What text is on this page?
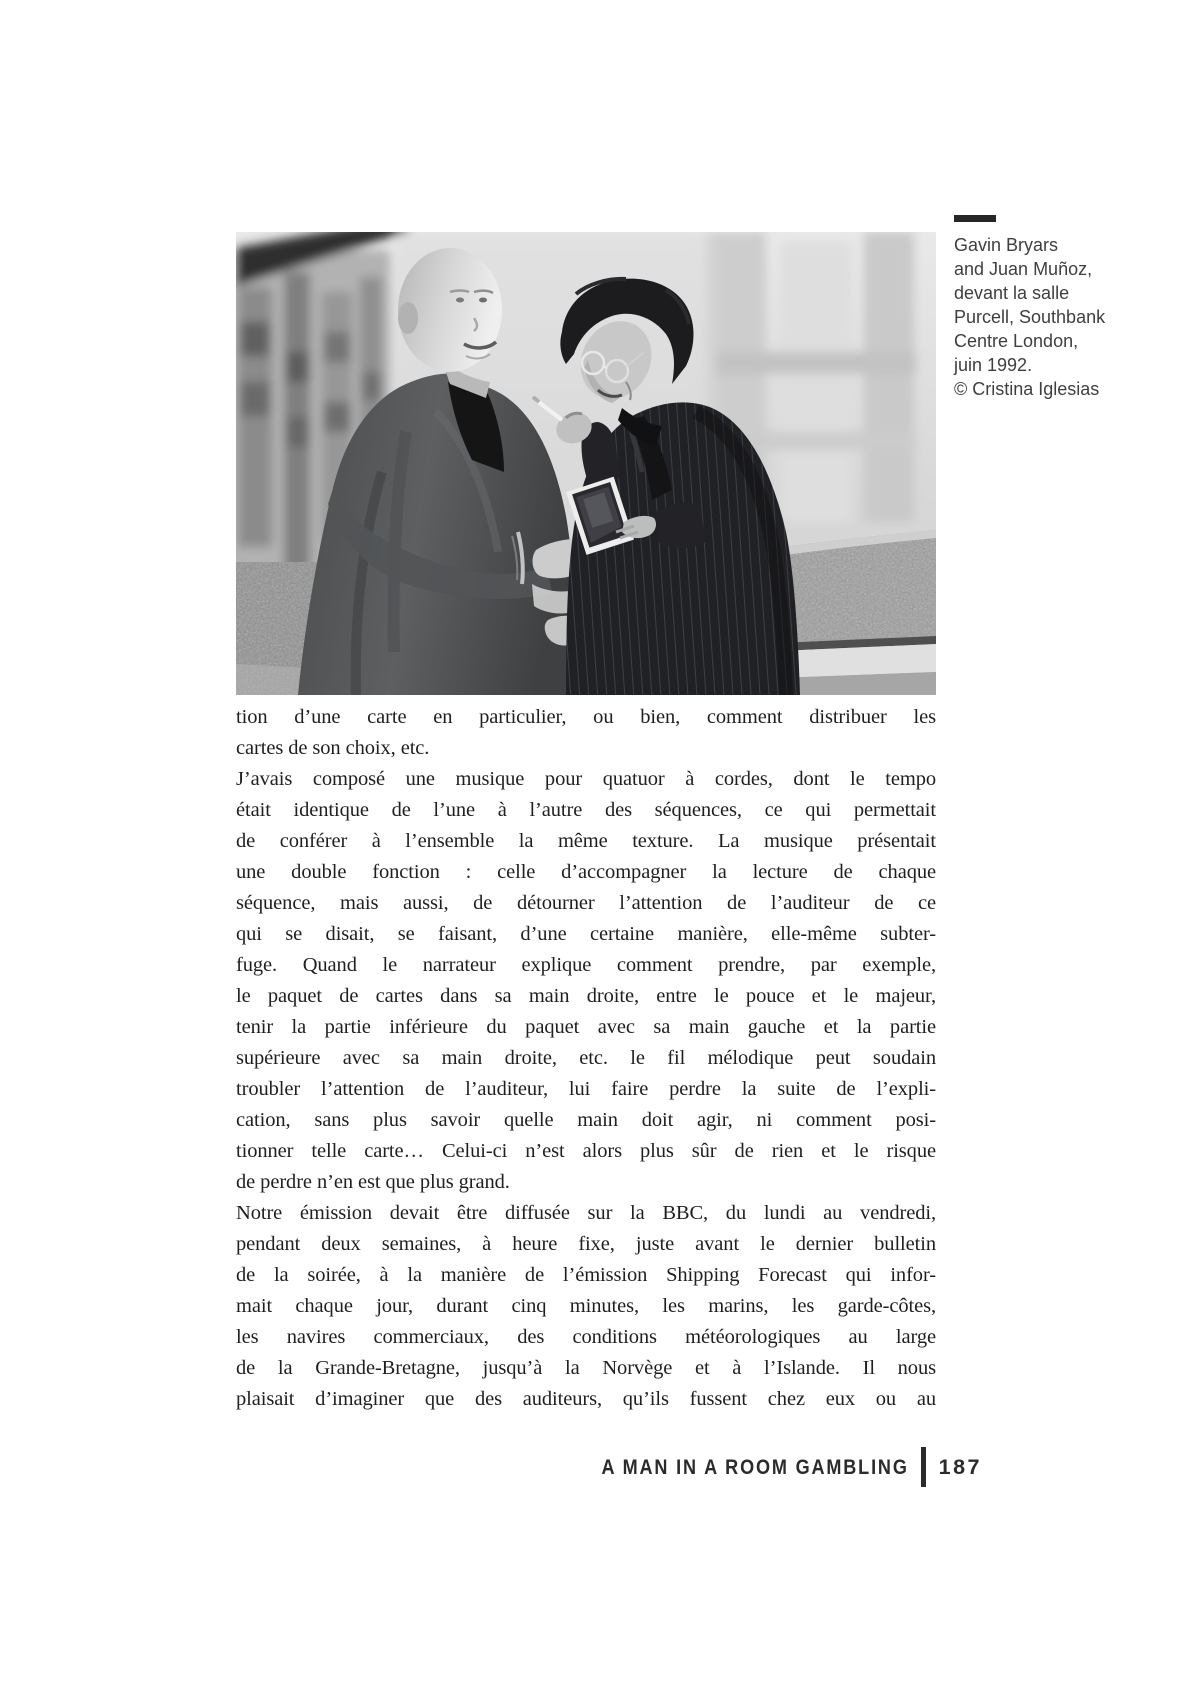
Gavin Bryars
and Juan Muñoz,
devant la salle
Purcell, Southbank
Centre London,
juin 1992.
© Cristina Iglesias
tion d’une carte en particulier, ou bien, comment distribuer les
cartes de son choix, etc.
J’avais composé une musique pour quatuor à cordes, dont le tempo
était identique de l’une à l’autre des séquences, ce qui permettait
de conférer à l’ensemble la même texture. La musique présentait
une double fonction : celle d’accompagner la lecture de chaque
séquence, mais aussi, de détourner l’attention de l’auditeur de ce
qui se disait, se faisant, d’une certaine manière, elle-même subter-
fuge. Quand le narrateur explique comment prendre, par exemple,
le paquet de cartes dans sa main droite, entre le pouce et le majeur,
tenir la partie inférieure du paquet avec sa main gauche et la partie
supérieure avec sa main droite, etc. le fil mélodique peut soudain
troubler l’attention de l’auditeur, lui faire perdre la suite de l’expli-
cation, sans plus savoir quelle main doit agir, ni comment posi-
tionner telle carte… Celui-ci n’est alors plus sûr de rien et le risque
de perdre n’en est que plus grand.
Notre émission devait être diffusée sur la BBC, du lundi au vendredi,
pendant deux semaines, à heure fixe, juste avant le dernier bulletin
de la soirée, à la manière de l’émission Shipping Forecast qui infor-
mait chaque jour, durant cinq minutes, les marins, les garde-côtes,
les navires commerciaux, des conditions météorologiques au large
de la Grande-Bretagne, jusqu’à la Norvège et à l’Islande. Il nous
plaisait d’imaginer que des auditeurs, qu’ils fussent chez eux ou au
A MAN IN A ROOM GAMBLING 187
